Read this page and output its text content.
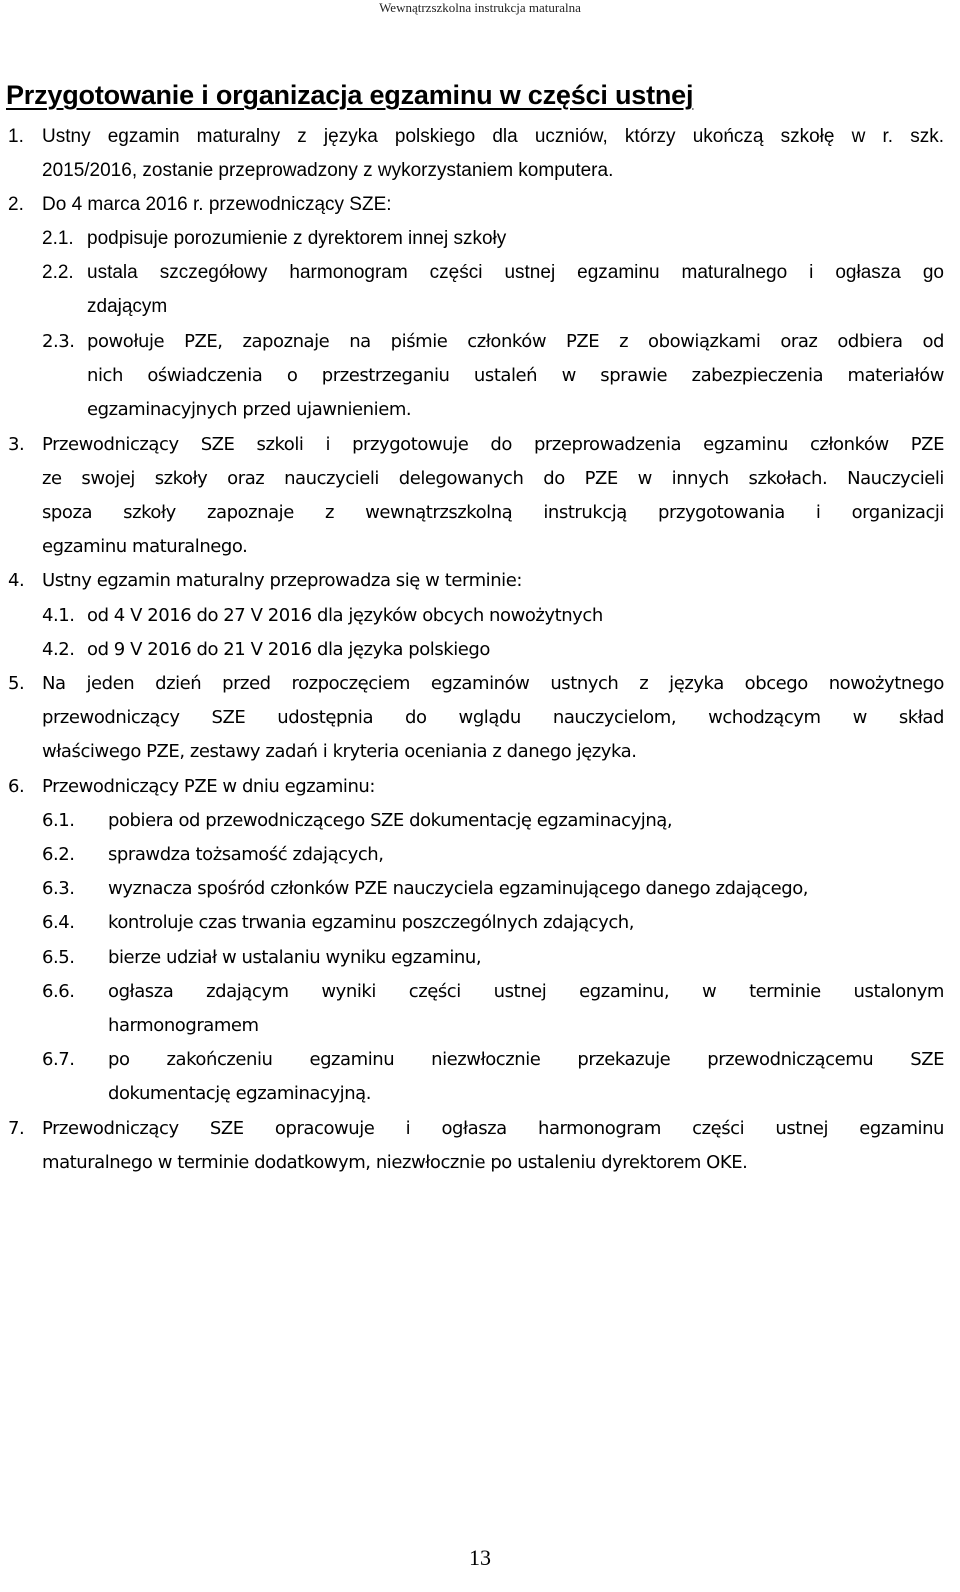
Wewnątrzszkolna instrukcja maturalna
Przygotowanie i organizacja egzaminu w części ustnej
1. Ustny egzamin maturalny z języka polskiego dla uczniów, którzy ukończą szkołę w r. szk.
2015/2016, zostanie przeprowadzony z wykorzystaniem komputera.
2. Do 4 marca 2016 r. przewodniczący SZE:
2.1. podpisuje porozumienie z dyrektorem innej szkoły
2.2. ustala szczegółowy harmonogram części ustnej egzaminu maturalnego i ogłasza go
zdającym
2.3. powołuje PZE, zapoznaje na piśmie członków PZE z obowiązkami oraz odbiera od
nich oświadczenia o przestrzeganiu ustaleń w sprawie zabezpieczenia materiałów
egzaminacyjnych przed ujawnieniem.
3. Przewodniczący SZE szkoli i przygotowuje do przeprowadzenia egzaminu członków PZE
ze swojej szkoły oraz nauczycieli delegowanych do PZE w innych szkołach. Nauczycieli
spoza szkoły zapoznaje z wewnątrzszkolną instrukcją przygotowania i organizacji
egzaminu maturalnego.
4. Ustny egzamin maturalny przeprowadza się w terminie:
4.1. od 4 V 2016 do 27 V 2016 dla języków obcych nowożytnych
4.2. od 9 V 2016 do 21 V 2016 dla języka polskiego
5. Na jeden dzień przed rozpoczęciem egzaminów ustnych z języka obcego nowożytnego
przewodniczący SZE udostępnia do wglądu nauczycielom, wchodzącym w skład
właściwego PZE, zestawy zadań i kryteria oceniania z danego języka.
6. Przewodniczący PZE w dniu egzaminu:
6.1. pobiera od przewodniczącego SZE dokumentację egzaminacyjną,
6.2. sprawdza tożsamość zdających,
6.3. wyznacza spośród członków PZE nauczyciela egzaminującego danego zdającego,
6.4. kontroluje czas trwania egzaminu poszczególnych zdających,
6.5. bierze udział w ustalaniu wyniku egzaminu,
6.6. ogłasza zdającym wyniki części ustnej egzaminu, w terminie ustalonym
harmonogramem
6.7. po zakończeniu egzaminu niezwłocznie przekazuje przewodniczącemu SZE
dokumentację egzaminacyjną.
7. Przewodniczący SZE opracowuje i ogłasza harmonogram części ustnej egzaminu
maturalnego w terminie dodatkowym, niezwłocznie po ustaleniu dyrektorem OKE.
13
